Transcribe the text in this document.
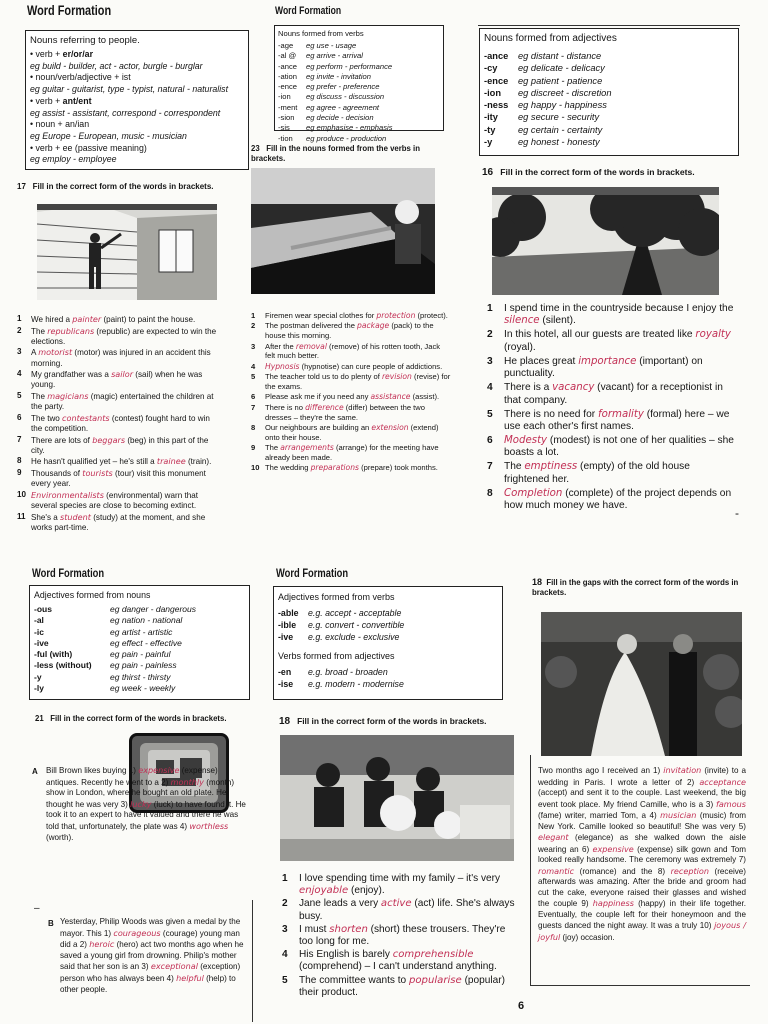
Word Formation
Nouns referring to people.
• verb + er/or/ar
eg build - builder, act - actor, burgle - burglar
• noun/verb/adjective + ist
eg guitar - guitarist, type - typist, natural - naturalist
• verb + ant/ent
eg assist - assistant, correspond - correspondent
• noun + an/ian
eg Europe - European, music - musician
• verb + ee (passive meaning)
eg employ - employee
17 Fill in the correct form of the words in brackets.
1 We hired a painter (paint) to paint the house.
2 The republicans (republic) are expected to win the elections.
3 A motorist (motor) was injured in an accident this morning.
4 My grandfather was a sailor (sail) when he was young.
5 The magicians (magic) entertained the children at the party.
6 The two contestants (contest) fought hard to win the competition.
7 There are lots of beggars (beg) in this part of the city.
8 He hasn't qualified yet – he's still a trainee (train).
9 Thousands of tourists (tour) visit this monument every year.
10 Environmentalists (environmental) warn that several species are close to becoming extinct.
11 She's a student (study) at the moment, and she works part-time.
Word Formation
Nouns formed from verbs
-age	eg use - usage
-al @	eg arrive - arrival
-ance	eg perform - performance
-ation	eg invite - invitation
-ence	eg prefer - preference
-ion	eg discuss - discussion
-ment	eg agree - agreement
-sion	eg decide - decision
-sis	eg emphasise - emphasis
-tion	eg produce - production
23 Fill in the nouns formed from the verbs in brackets.
1 Firemen wear special clothes for protection (protect).
2 The postman delivered the package (pack) to the house this morning.
3 After the removal (remove) of his rotten tooth, Jack felt much better.
4 Hypnosis (hypnotise) can cure people of addictions.
5 The teacher told us to do plenty of revision (revise) for the exams.
6 Please ask me if you need any assistance (assist).
7 There is no difference (differ) between the two dresses – they're the same.
8 Our neighbours are building an extension (extend) onto their house.
9 The arrangements (arrange) for the meeting have already been made.
10 The wedding preparations (prepare) took months.
Nouns formed from adjectives
-ance	eg distant - distance
-cy	eg delicate - delicacy
-ence	eg patient - patience
-ion	eg discreet - discretion
-ness	eg happy - happiness
-ity	eg secure - security
-ty	eg certain - certainty
-y	eg honest - honesty
16 Fill in the correct form of the words in brackets.
1 I spend time in the countryside because I enjoy the silence (silent).
2 In this hotel, all our guests are treated like royalty (royal).
3 He places great importance (important) on punctuality.
4 There is a vacancy (vacant) for a receptionist in that company.
5 There is no need for formality (formal) here – we use each other's first names.
6 Modesty (modest) is not one of her qualities – she boasts a lot.
7 The emptiness (empty) of the old house frightened her.
8 Completion (complete) of the project depends on how much money we have.
-
Word Formation
Adjectives formed from nouns
-ous	eg danger - dangerous
-al	eg nation - national
-ic	eg artist - artistic
-ive	eg effect - effective
-ful (with)	eg pain - painful
-less (without)	eg pain - painless
-y	eg thirst - thirsty
-ly	eg week - weekly
21 Fill in the correct form of the words in brackets.
A Bill Brown likes buying 1) expensive (expense) antiques. Recently he went to a 2) monthly (month) show in London, where he bought an old plate. He thought he was very 3) lucky (luck) to have found it. He took it to an expert to have it valued and there he was told that, unfortunately, the plate was 4) worthless (worth).
B Yesterday, Philip Woods was given a medal by the mayor. This 1) courageous (courage) young man did a 2) heroic (hero) act two months ago when he saved a young girl from drowning. Philip's mother said that her son is an 3) exceptional (exception) person who has always been 4) helpful (help) to other people.
–
Word Formation
Adjectives formed from verbs
-able	e.g. accept - acceptable
-ible	e.g. convert - convertible
-ive	e.g. exclude - exclusive
Verbs formed from adjectives
-en	e.g. broad - broaden
-ise	e.g. modern - modernise
18 Fill in the correct form of the words in brackets.
1 I love spending time with my family – it's very enjoyable (enjoy).
2 Jane leads a very active (act) life. She's always busy.
3 I must shorten (short) these trousers. They're too long for me.
4 His English is barely comprehensible (comprehend) – I can't understand anything.
5 The committee wants to popularise (popular) their product.
18 Fill in the gaps with the correct form of the words in brackets.
Two months ago I received an 1) invitation (invite) to a wedding in Paris. I wrote a letter of 2) acceptance (accept) and sent it to the couple. Last weekend, the big event took place. My friend Camille, who is a 3) famous (fame) writer, married Tom, a 4) musician (music) from New York. Camille looked so beautiful! She was very 5) elegant (elegance) as she walked down the aisle wearing an 6) expensive (expense) silk gown and Tom looked really handsome. The ceremony was extremely 7) romantic (romance) and the 8) reception (receive) afterwards was amazing. After the bride and groom had cut the cake, everyone raised their glasses and wished the couple 9) happiness (happy) in their life together. Eventually, the couple left for their honeymoon and the guests danced the night away. It was a truly 10) joyous / joyful (joy) occasion.
6
